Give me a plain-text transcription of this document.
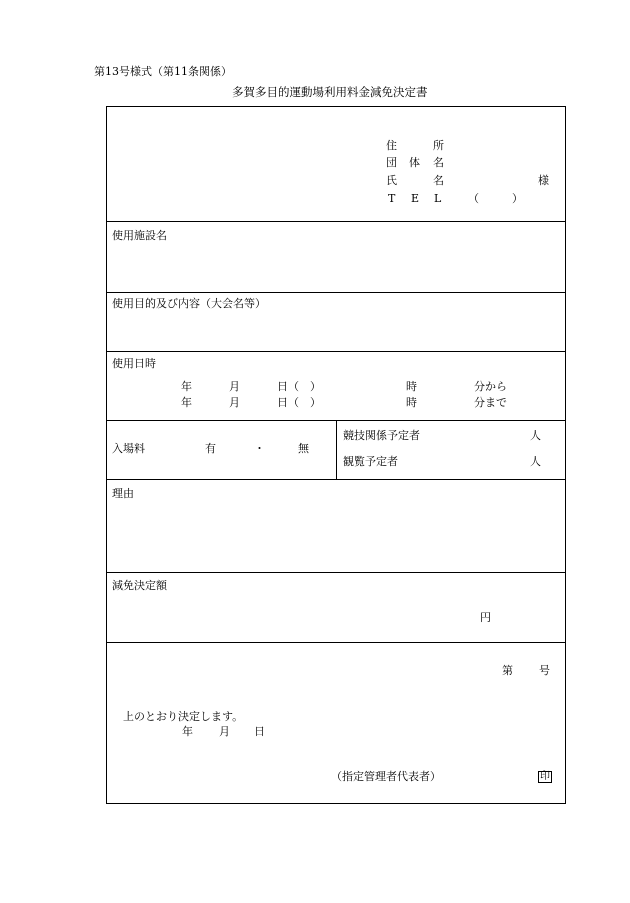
第13号様式（第11条関係）
多賀多目的運動場利用料金減免決定書
住	所
団 体 名
氏	名	様
T E L （　　　）
使用施設名
使用目的及び内容（大会名等）
使用日時
年	月	日（　）	時	分から
年	月	日（　）	時	分まで
入場料	有	・	無
競技関係予定者	人
観覧予定者	人
理由
減免決定額
円
第 号
上のとおり決定します。
年 月 日
（指定管理者代表者）	印
